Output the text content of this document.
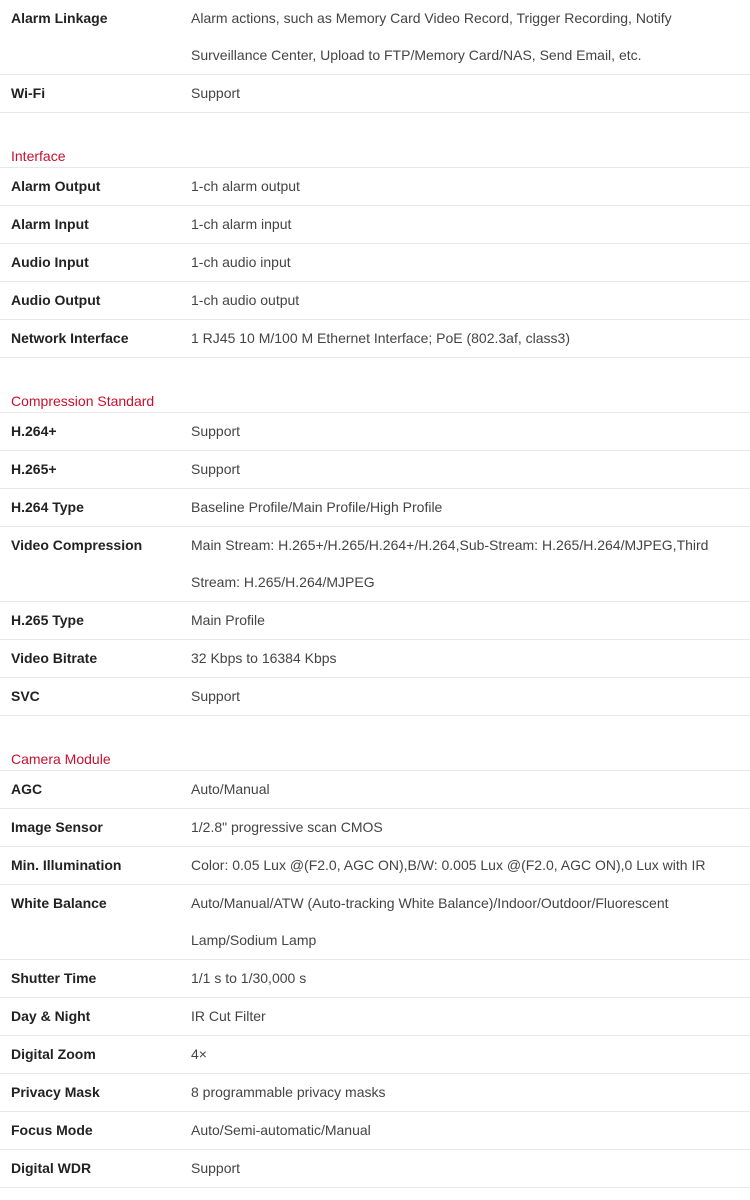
Alarm Linkage	Alarm actions, such as Memory Card Video Record, Trigger Recording, Notify Surveillance Center, Upload to FTP/Memory Card/NAS, Send Email, etc.
Wi-Fi	Support
Interface
Alarm Output	1-ch alarm output
Alarm Input	1-ch alarm input
Audio Input	1-ch audio input
Audio Output	1-ch audio output
Network Interface	1 RJ45 10 M/100 M Ethernet Interface; PoE (802.3af, class3)
Compression Standard
H.264+	Support
H.265+	Support
H.264 Type	Baseline Profile/Main Profile/High Profile
Video Compression	Main Stream: H.265+/H.265/H.264+/H.264,Sub-Stream: H.265/H.264/MJPEG,Third Stream: H.265/H.264/MJPEG
H.265 Type	Main Profile
Video Bitrate	32 Kbps to 16384 Kbps
SVC	Support
Camera Module
AGC	Auto/Manual
Image Sensor	1/2.8" progressive scan CMOS
Min. Illumination	Color: 0.05 Lux @(F2.0, AGC ON),B/W: 0.005 Lux @(F2.0, AGC ON),0 Lux with IR
White Balance	Auto/Manual/ATW (Auto-tracking White Balance)/Indoor/Outdoor/Fluorescent Lamp/Sodium Lamp
Shutter Time	1/1 s to 1/30,000 s
Day & Night	IR Cut Filter
Digital Zoom	4×
Privacy Mask	8 programmable privacy masks
Focus Mode	Auto/Semi-automatic/Manual
Digital WDR	Support
